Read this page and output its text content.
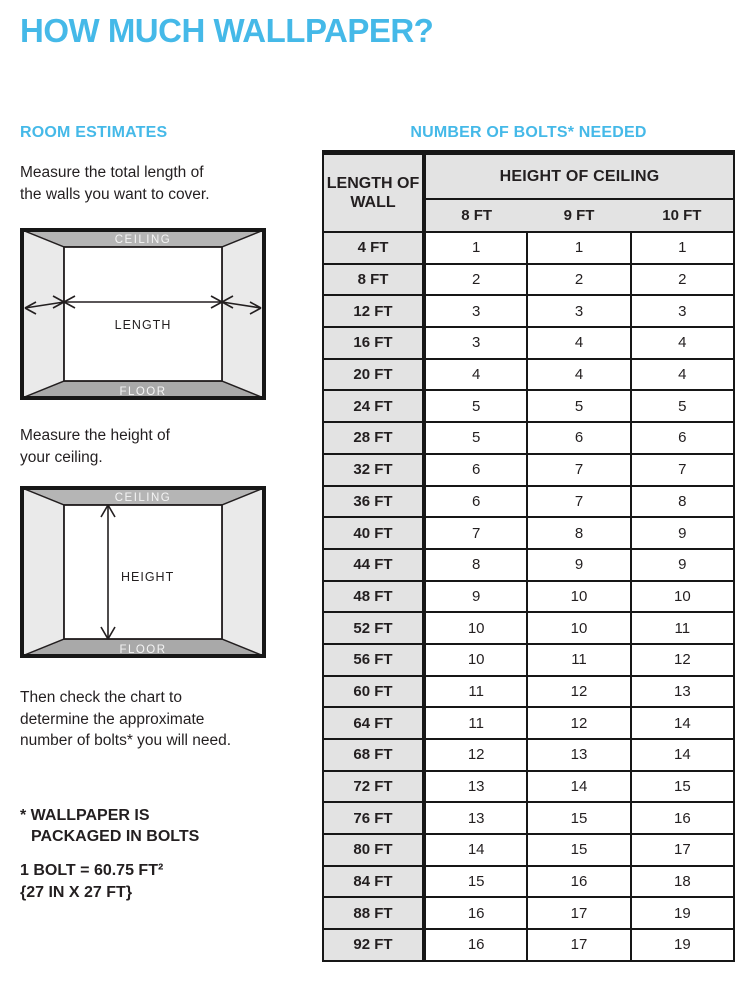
HOW MUCH WALLPAPER?
ROOM ESTIMATES	NUMBER OF BOLTS* NEEDED
Measure the total length of
the walls you want to cover.
CEILING
FLOOR
LENGTH
Measure the height of
your ceiling.
CEILING
FLOOR
HEIGHT
Then check the chart to
determine the approximate
number of bolts* you will need.
* WALLPAPER IS
PACKAGED IN BOLTS
1 BOLT = 60.75 FT²
{27 IN X 27 FT}
LENGTH OF WALL	HEIGHT OF CEILING		
	8 FT	9 FT	10 FT
4 FT	1	1	1
8 FT	2	2	2
12 FT	3	3	3
16 FT	3	4	4
20 FT	4	4	4
24 FT	5	5	5
28 FT	5	6	6
32 FT	6	7	7
36 FT	6	7	8
40 FT	7	8	9
44 FT	8	9	9
48 FT	9	10	10
52 FT	10	10	11
56 FT	10	11	12
60 FT	11	12	13
64 FT	11	12	14
68 FT	12	13	14
72 FT	13	14	15
76 FT	13	15	16
80 FT	14	15	17
84 FT	15	16	18
88 FT	16	17	19
92 FT	16	17	19
